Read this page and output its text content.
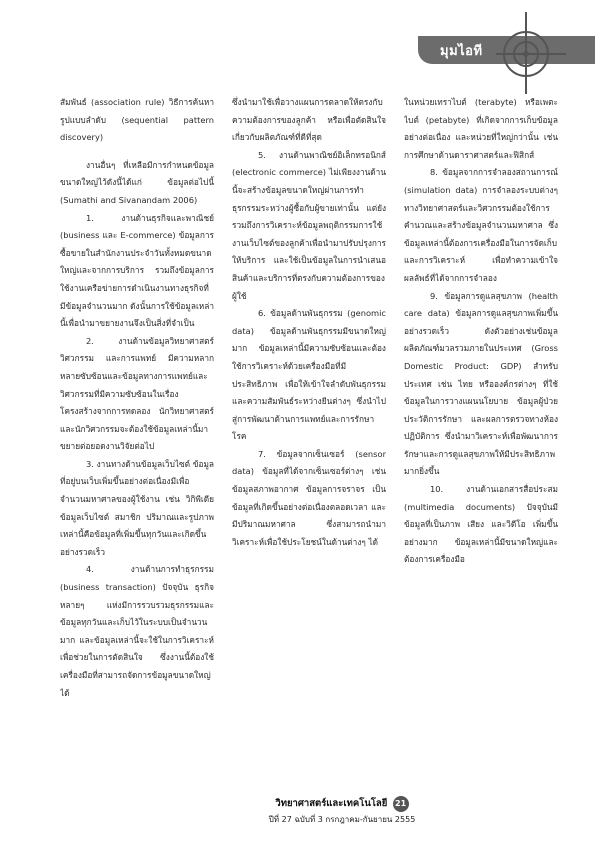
มุมไอที

สัมพันธ์ (association rule) วิธีการค้นหารูปแบบลำดับ (sequential pattern discovery)

งานอื่นๆ ที่เหลือมีการกำหนดข้อมูลขนาดใหญ่ไว้ดังนี้ได้แก่ ข้อมูลต่อไปนี้ (Sumathi and Sivanandam 2006)

1. งานด้านธุรกิจและพาณิชย์ (business และ E-commerce) ข้อมูลการซื้อขายในสำนักงานประจำวันทั้งหมดขนาดใหญ่และจากการบริการ รวมถึงข้อมูลการใช้งานเครือข่ายการดำเนินงานทางธุรกิจที่มีข้อมูลจำนวนมาก ดังนั้นการใช้ข้อมูลเหล่านี้เพื่อนำมาขยายงานจึงเป็นสิ่งที่จำเป็น

2. งานด้านข้อมูลวิทยาศาสตร์วิศวกรรม และการแพทย์ มีความหลากหลายซับซ้อนและข้อมูลทางการแพทย์และวิศวกรรมที่มีความซับซ้อนในเรื่องโครงสร้างจากการทดลอง นักวิทยาศาสตร์และนักวิศวกรรมจะต้องใช้ข้อมูลเหล่านี้มาขยายต่อยอดงานวิจัยต่อไป

3. งานทางด้านข้อมูลเว็บไซต์ ข้อมูลที่อยู่บนเว็บเพิ่มขึ้นอย่างต่อเนื่องมีเพื่อจำนวนมหาศาลของผู้ใช้งาน เช่น วิกิพีเดียข้อมูลเว็บไซต์ สมาชิก ปริมาณและรูปภาพ เหล่านี้คือข้อมูลที่เพิ่มขึ้นทุกวันและเกิดขึ้นอย่างรวดเร็ว

4. งานด้านการทำธุรกรรม (business transaction) ปัจจุบัน ธุรกิจหลายๆ แห่งมีการรวบรวมธุรกรรมและข้อมูลทุกวันและเก็บไว้ในระบบเป็นจำนวนมาก และข้อมูลเหล่านี้จะใช้ในการวิเคราะห์เพื่อช่วยในการตัดสินใจ ซึ่งงานนี้ต้องใช้เครื่องมือที่สามารถจัดการข้อมูลขนาดใหญ่ได้

ซึ่งนำมาใช้เพื่อวางแผนการตลาดให้ตรงกับความต้องการของลูกค้า หรือเพื่อตัดสินใจเกี่ยวกับผลิตภัณฑ์ที่ดีที่สุด

5. งานด้านพาณิชย์อิเล็กทรอนิกส์ (electronic commerce) ไม่เพียงงานด้านนี้จะสร้างข้อมูลขนาดใหญ่ผ่านการทำธุรกรรมระหว่างผู้ซื้อกับผู้ขายเท่านั้น แต่ยังรวมถึงการวิเคราะห์ข้อมูลพฤติกรรมการใช้งานเว็บไซต์ของลูกค้าเพื่อนำมาปรับปรุงการให้บริการ และใช้เป็นข้อมูลในการนำเสนอสินค้าและบริการที่ตรงกับความต้องการของผู้ใช้

6. ข้อมูลด้านพันธุกรรม (genomic data) ข้อมูลด้านพันธุกรรมมีขนาดใหญ่มาก ข้อมูลเหล่านี้มีความซับซ้อนและต้องใช้การวิเคราะห์ด้วยเครื่องมือที่มีประสิทธิภาพ เพื่อให้เข้าใจลำดับพันธุกรรมและความสัมพันธ์ระหว่างยีนต่างๆ ซึ่งนำไปสู่การพัฒนาด้านการแพทย์และการรักษาโรค

7. ข้อมูลจากเซ็นเซอร์ (sensor data) ข้อมูลที่ได้จากเซ็นเซอร์ต่างๆ เช่น ข้อมูลสภาพอากาศ ข้อมูลการจราจร เป็นข้อมูลที่เกิดขึ้นอย่างต่อเนื่องตลอดเวลา และมีปริมาณมหาศาล ซึ่งสามารถนำมาวิเคราะห์เพื่อใช้ประโยชน์ในด้านต่างๆ ได้

ในหน่วยเทราไบต์ (terabyte) หรือเพตะไบต์ (petabyte) ที่เกิดจากการเก็บข้อมูลอย่างต่อเนื่อง และหน่วยที่ใหญ่กว่านั้น เช่น การศึกษาด้านดาราศาสตร์และฟิสิกส์

8. ข้อมูลจากการจำลองสถานการณ์ (simulation data) การจำลองระบบต่างๆ ทางวิทยาศาสตร์และวิศวกรรมต้องใช้การคำนวณและสร้างข้อมูลจำนวนมหาศาล ซึ่งข้อมูลเหล่านี้ต้องการเครื่องมือในการจัดเก็บและการวิเคราะห์ เพื่อทำความเข้าใจผลลัพธ์ที่ได้จากการจำลอง

9. ข้อมูลการดูแลสุขภาพ (health care data) ข้อมูลการดูแลสุขภาพเพิ่มขึ้นอย่างรวดเร็ว ดังตัวอย่างเช่นข้อมูลผลิตภัณฑ์มวลรวมภายในประเทศ (Gross Domestic Product: GDP) สำหรับประเทศ เช่น ไทย หรือองค์กรต่างๆ ที่ใช้ข้อมูลในการวางแผนนโยบาย ข้อมูลผู้ป่วย ประวัติการรักษา และผลการตรวจทางห้องปฏิบัติการ ซึ่งนำมาวิเคราะห์เพื่อพัฒนาการรักษาและการดูแลสุขภาพให้มีประสิทธิภาพมากยิ่งขึ้น

10. งานด้านเอกสารสื่อประสม (multimedia documents) ปัจจุบันมีข้อมูลที่เป็นภาพ เสียง และวิดีโอ เพิ่มขึ้นอย่างมาก ข้อมูลเหล่านี้มีขนาดใหญ่และต้องการเครื่องมือ

วิทยาศาสตร์และเทคโนโลยี 21
ปีที่ 27 ฉบับที่ 3 กรกฎาคม-กันยายน 2555
